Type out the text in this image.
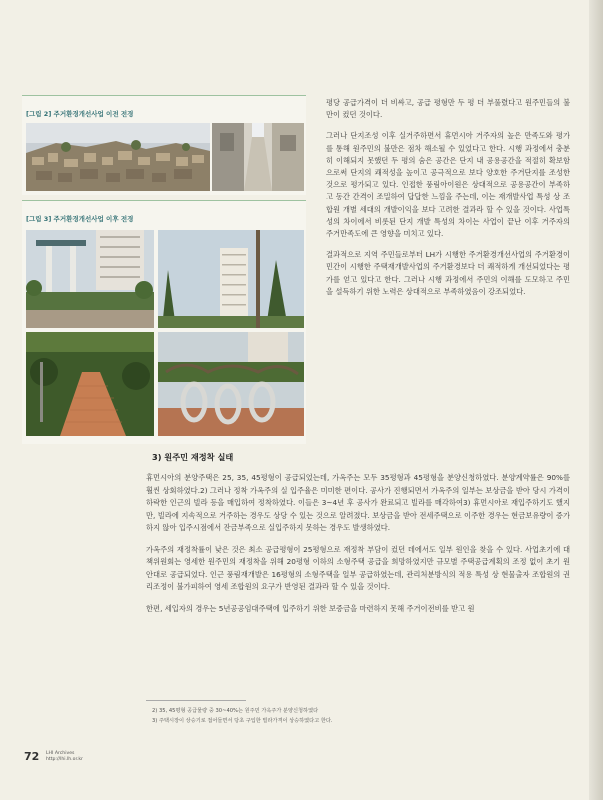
[그림 2] 주거환경개선사업 이전 전경
[그림 3] 주거환경개선사업 이후 전경

평당 공급가격이 더 비싸고, 공급 평형만 두 평 더 부풀렸다고 원주민들의 불만이 컸던 것이다.

그러나 단지조성 이후 실거주하면서 휴먼시아 거주자의 높은 만족도와 평가를 통해 원주민의 불만은 점차 해소될 수 있었다고 한다. 시행 과정에서 충분히 이해되지 못했던 두 평의 숨은 공간은 단지 내 공용공간을 적절히 확보함으로써 단지의 쾌적성을 높이고 공극적으로 보다 양호한 주거단지를 조성한 것으로 평가되고 있다. 인접한 풍림아이원은 상대적으로 공용공간이 부족하고 동간 간격이 조밀하여 답답한 느낌을 주는데, 이는 재개발사업 특성 상 조합원 개별 세대의 개발이익을 보다 고려한 결과라 할 수 있을 것이다. 사업특성의 차이에서 비롯된 단지 개발 특성의 차이는 사업이 끝난 이후 거주자의 주거만족도에 큰 영향을 미치고 있다.

결과적으로 지역 주민들로부터 LH가 시행한 주거환경개선사업의 주거환경이 민간이 시행한 주택재개발사업의 주거환경보다 더 쾌적하게 개선되었다는 평가를 얻고 있다고 한다. 그러나 시행 과정에서 주민의 이해를 도모하고 주민을 설득하기 위한 노력은 상대적으로 부족하였음이 강조되었다.

3) 원주민 재정착 실태

휴먼시아의 분양주택은 25, 35, 45평형이 공급되었는데, 가옥주는 모두 35평형과 45평형을 분양신청하였다. 분양계약률은 90%를 훨씬 상회하였다.2) 그러나 정착 가옥주의 실 입주율은 미미한 편이다. 공사가 진행되면서 가옥주의 일부는 보상금을 받아 당시 가격이 하락한 인근의 빌라 등을 매입하여 정착하였다. 이들은 3~4년 후 공사가 완료되고 빌라를 매각하여3) 휴먼시아로 재입주하기도 했지만, 빌라에 지속적으로 거주하는 경우도 상당 수 있는 것으로 알려졌다. 보상금을 받아 전세주택으로 이주한 경우는 현금보유량이 증가하지 않아 입주시점에서 잔금부족으로 실입주하지 못하는 경우도 발생하였다.

가옥주의 재정착률이 낮은 것은 최소 공급평형이 25평형으로 재정착 부담이 컸던 데에서도 일부 원인을 찾을 수 있다. 사업초기에 대책위원회는 영세한 원주민의 재정착을 위해 20평형 이하의 소형주택 공급을 희망하였지만 규모별 주택공급계획의 조정 없이 초기 원안대로 공급되었다. 인근 풍림재개발은 16평형의 소형주택을 일부 공급하였는데, 관리처분방식의 적용 특성 상 현물출자 조합원의 권리조정이 불가피하여 영세 조합원의 요구가 반영된 결과라 할 수 있을 것이다.

한편, 세입자의 경우는 5년공공임대주택에 입주하기 위한 보증금을 마련하지 못해 주거이전비를 받고 원

2) 35, 45평형 공급물량 중 30~40%는 원주민 가옥주가 분양신청하였다
3) 주택시장이 상승기로 접어들면서 당초 구입한 빌라가격이 상승하였다고 한다.
72 LHI Archives
http://lhi.lh.or.kr
